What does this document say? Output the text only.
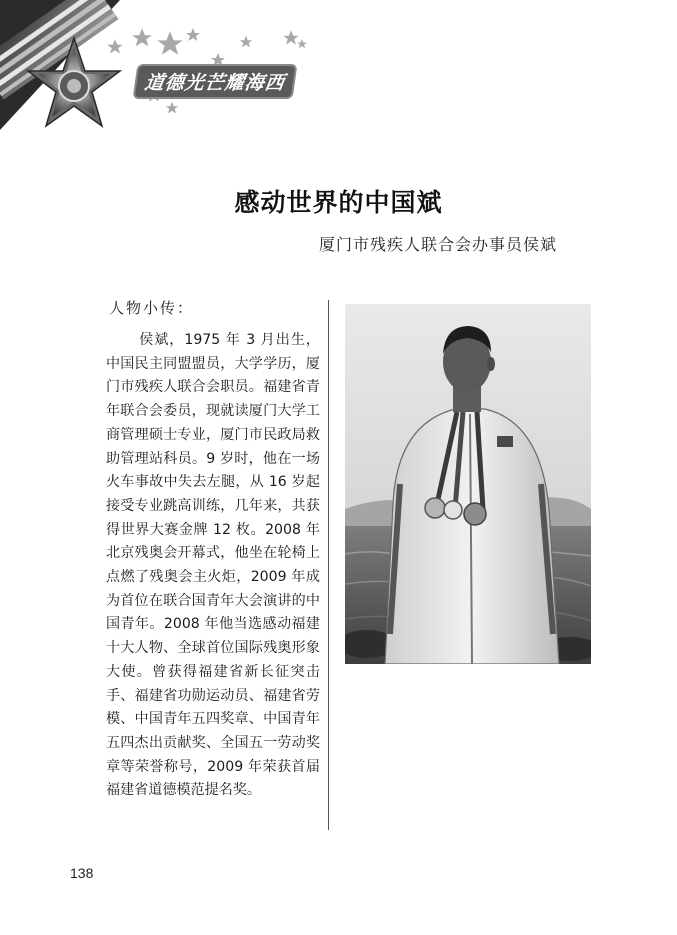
道德光芒耀海西
感动世界的中国斌
厦门市残疾人联合会办事员侯斌
人物小传：

侯斌，1975 年 3 月出生，中国民主同盟盟员，大学学历，厦门市残疾人联合会职员。福建省青年联合会委员，现就读厦门大学工商管理硕士专业，厦门市民政局救助管理站科员。9 岁时，他在一场火车事故中失去左腿，从 16 岁起接受专业跳高训练，几年来，共获得世界大赛金牌 12 枚。2008 年北京残奥会开幕式，他坐在轮椅上点燃了残奥会主火炬，2009 年成为首位在联合国青年大会演讲的中国青年。2008 年他当选感动福建十大人物、全球首位国际残奥形象大使。曾获得福建省新长征突击手、福建省功勋运动员、福建省劳模、中国青年五四奖章、中国青年五四杰出贡献奖、全国五一劳动奖章等荣誉称号，2009 年荣获首届福建省道德模范提名奖。

138
